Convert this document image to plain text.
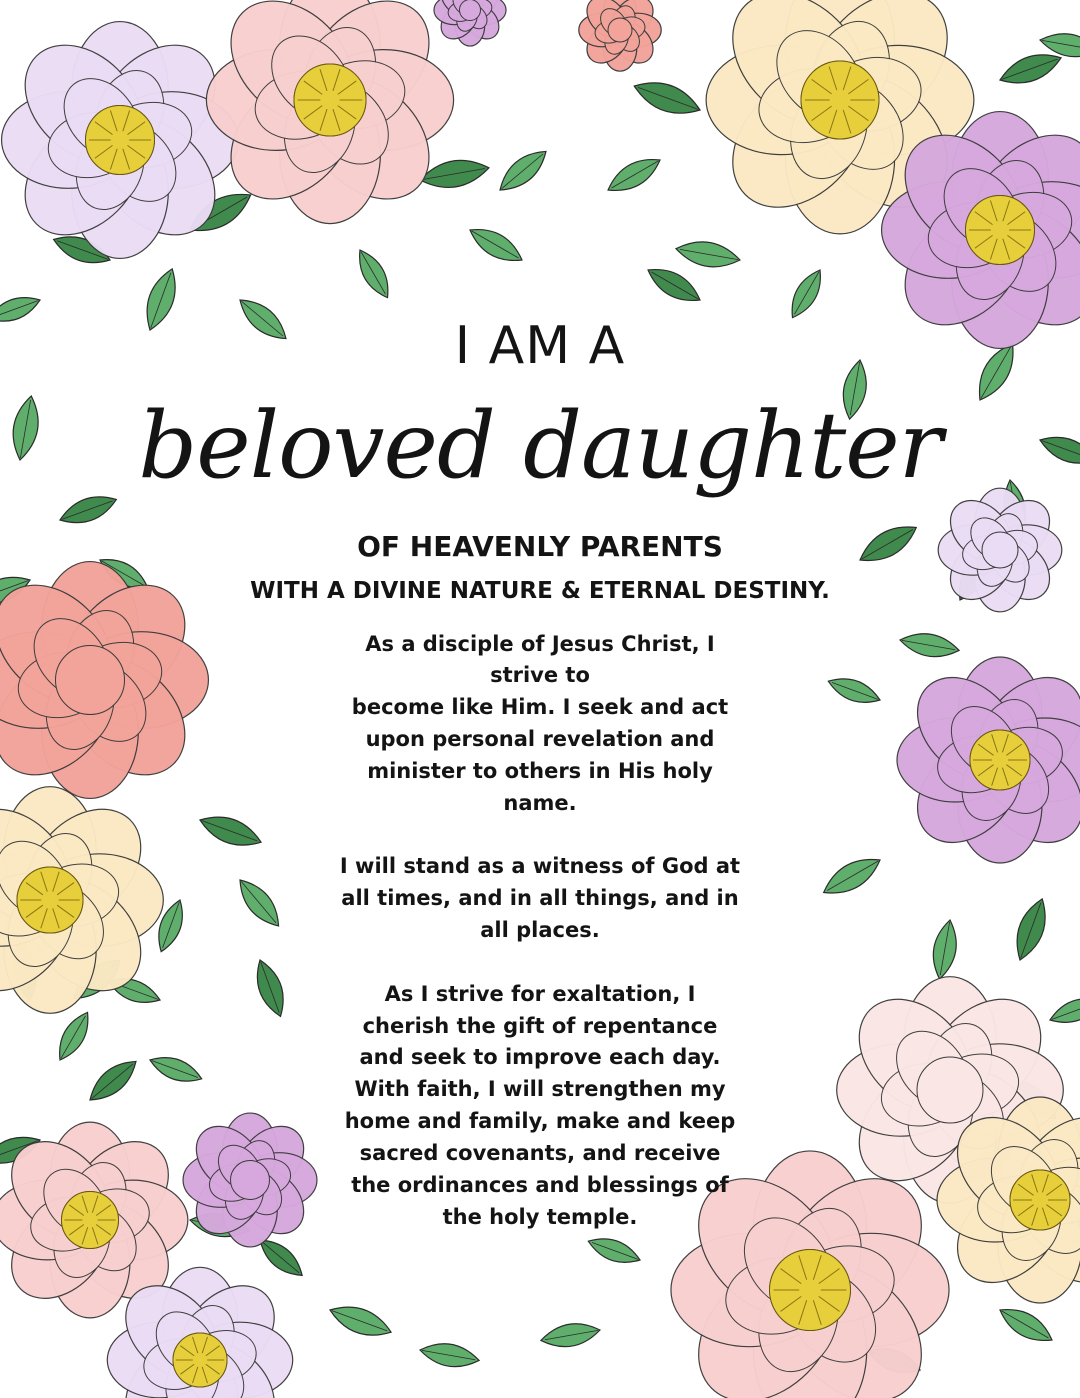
I AM A
beloved daughter
OF HEAVENLY PARENTS
WITH A DIVINE NATURE & ETERNAL DESTINY.
As a disciple of Jesus Christ, I
strive to
become like Him. I seek and act
upon personal revelation and
minister to others in His holy
name.
I will stand as a witness of God at
all times, and in all things, and in
all places.
As I strive for exaltation, I
cherish the gift of repentance
and seek to improve each day.
With faith, I will strengthen my
home and family, make and keep
sacred covenants, and receive
the ordinances and blessings of
the holy temple.
